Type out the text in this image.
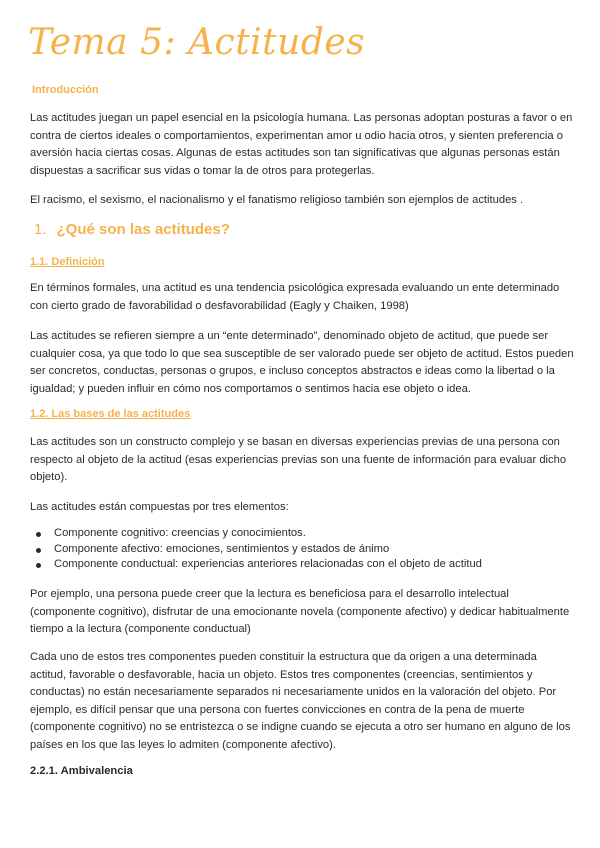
Tema 5: Actitudes
Introducción

Las actitudes juegan un papel esencial en la psicología humana. Las personas adoptan posturas a favor o en contra de ciertos ideales o comportamientos, experimentan amor u odio hacia otros, y sienten preferencia o aversión hacia ciertas cosas. Algunas de estas actitudes son tan significativas que algunas personas están dispuestas a sacrificar sus vidas o tomar la de otros para protegerlas.

El racismo, el sexismo, el nacionalismo y el fanatismo religioso también son ejemplos de actitudes .

1. ¿Qué son las actitudes?
1.1. Definición

En términos formales, una actitud es una tendencia psicológica expresada evaluando un ente determinado con cierto grado de favorabilidad o desfavorabilidad (Eagly y Chaiken, 1998)

Las actitudes se refieren siempre a un “ente determinado”, denominado objeto de actitud, que puede ser cualquier cosa, ya que todo lo que sea susceptible de ser valorado puede ser objeto de actitud. Estos pueden ser concretos, conductas, personas o grupos, e incluso conceptos abstractos e ideas como la libertad o la igualdad; y pueden influir en cómo nos comportamos o sentimos hacia ese objeto o idea.

1.2. Las bases de las actitudes

Las actitudes son un constructo complejo y se basan en diversas experiencias previas de una persona con respecto al objeto de la actitud (esas experiencias previas son una fuente de información para evaluar dicho objeto).

Las actitudes están compuestas por tres elementos:

Componente cognitivo: creencias y conocimientos.
Componente afectivo: emociones, sentimientos y estados de ánimo
Componente conductual: experiencias anteriores relacionadas con el objeto de actitud

Por ejemplo, una persona puede creer que la lectura es beneficiosa para el desarrollo intelectual (componente cognitivo), disfrutar de una emocionante novela (componente afectivo) y dedicar habitualmente tiempo a la lectura (componente conductual)

Cada uno de estos tres componentes pueden constituir la estructura que da origen a una determinada actitud, favorable o desfavorable, hacia un objeto. Estos tres componentes (creencias, sentimientos y conductas) no están necesariamente separados ni necesariamente unidos en la valoración del objeto. Por ejemplo, es difícil pensar que una persona con fuertes convicciones en contra de la pena de muerte (componente cognitivo) no se entristezca o se indigne cuando se ejecuta a otro ser humano en alguno de los países en los que las leyes lo admiten (componente afectivo).

2.2.1. Ambivalencia
